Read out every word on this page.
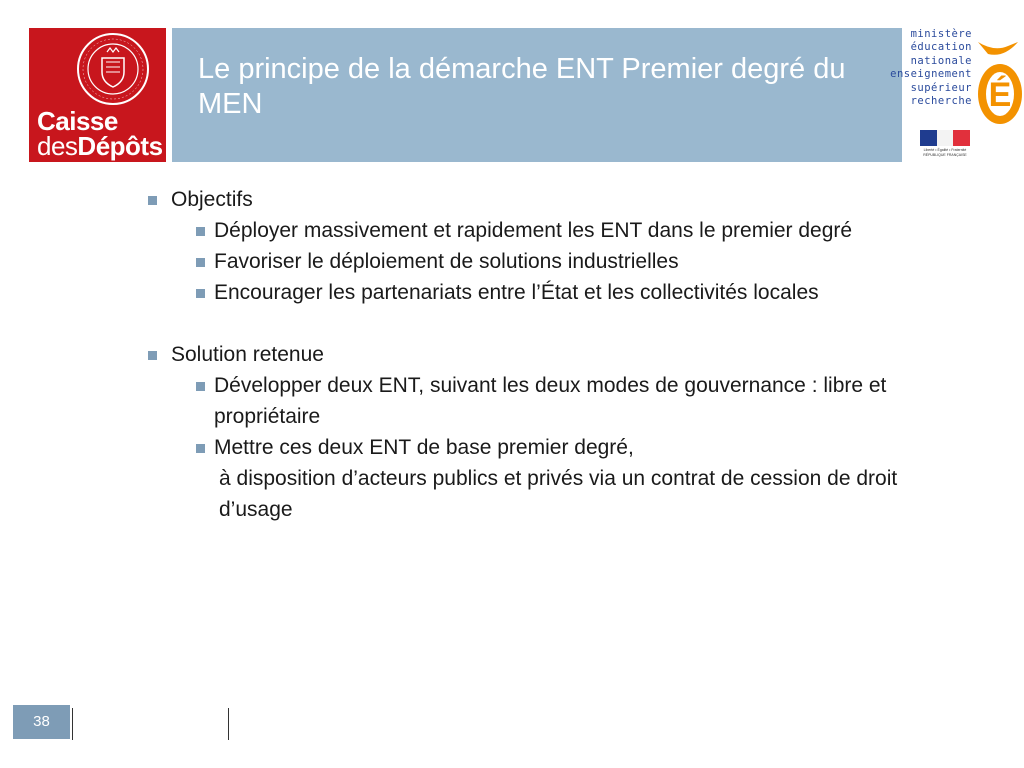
Caisse
desDépôts
Le principe de la démarche ENT Premier degré du MEN
ministère
éducation
nationale
enseignement
supérieur
recherche É
Liberté • Égalité • Fraternité
RÉPUBLIQUE FRANÇAISE
Objectifs
Déployer massivement et rapidement les ENT dans le premier degré
Favoriser le déploiement de solutions industrielles
Encourager les partenariats entre l’État et les collectivités locales
Solution retenue
Développer deux ENT, suivant les deux modes de gouvernance : libre et propriétaire
Mettre ces deux ENT de base premier degré,
à disposition d’acteurs publics et privés via un contrat de cession de droit d’usage
38
